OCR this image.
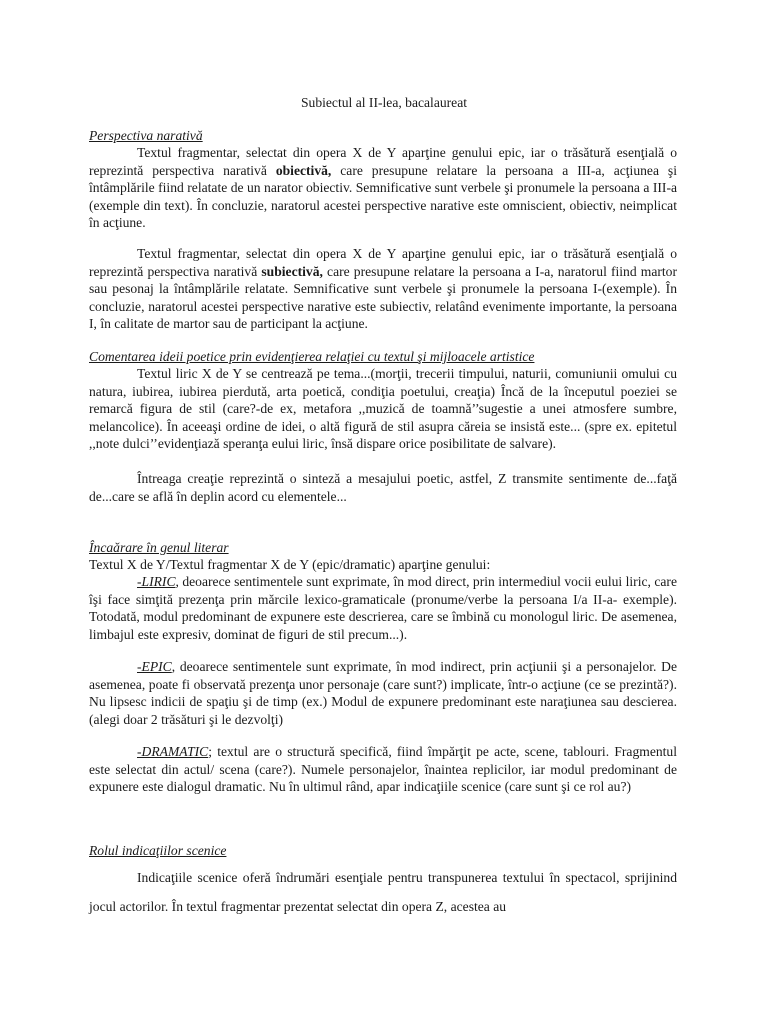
Subiectul al II-lea, bacalaureat
Perspectiva narativă

Textul fragmentar, selectat din opera X de Y aparţine genului epic, iar o trăsătură esenţială o reprezintă perspectiva narativă obiectivă, care presupune relatare la persoana a III-a, acţiunea şi întâmplările fiind relatate de un narator obiectiv. Semnificative sunt verbele şi pronumele la persoana a III-a (exemple din text). În concluzie, naratorul acestei perspective narative este omniscient, obiectiv, neimplicat în acţiune.

Textul fragmentar, selectat din opera X de Y aparţine genului epic, iar o trăsătură esenţială o reprezintă perspectiva narativă subiectivă, care presupune relatare la persoana a I-a, naratorul fiind martor sau pesonaj la întâmplările relatate. Semnificative sunt verbele şi pronumele la persoana I-(exemple). În concluzie, naratorul acestei perspective narative este subiectiv, relatând evenimente importante, la persoana I, în calitate de martor sau de participant la acţiune.

Comentarea ideii poetice prin evidenţierea relaţiei cu textul şi mijloacele artistice

Textul liric X de Y se centrează pe tema...(morţii, trecerii timpului, naturii, comuniunii omului cu natura, iubirea, iubirea pierdută, arta poetică, condiţia poetului, creaţia) Încă de la începutul poeziei se remarcă figura de stil (care?-de ex, metafora ,,muzică de toamnă’’sugestie a unei atmosfere sumbre, melancolice). În aceeaşi ordine de idei, o altă figură de stil asupra căreia se insistă este... (spre ex. epitetul ,,note dulci’’evidenţiază speranţa eului liric, însă dispare orice posibilitate de salvare).

Întreaga creaţie reprezintă o sinteză a mesajului poetic, astfel, Z transmite sentimente de...faţă de...care se află în deplin acord cu elementele...

Încaărare în genul literar

Textul X de Y/Textul fragmentar X de Y (epic/dramatic) aparţine genului:

-LIRIC, deoarece sentimentele sunt exprimate, în mod direct, prin intermediul vocii eului liric, care îşi face simţită prezenţa prin mărcile lexico-gramaticale (pronume/verbe la persoana I/a II-a- exemple). Totodată, modul predominant de expunere este descrierea, care se îmbină cu monologul liric. De asemenea, limbajul este expresiv, dominat de figuri de stil precum...).

-EPIC, deoarece sentimentele sunt exprimate, în mod indirect, prin acţiunii şi a personajelor. De asemenea, poate fi observată prezenţa unor personaje (care sunt?) implicate, într-o acţiune (ce se prezintă?). Nu lipsesc indicii de spaţiu şi de timp (ex.) Modul de expunere predominant este naraţiunea sau descierea. (alegi doar 2 trăsături şi le dezvolţi)

-DRAMATIC; textul are o structură specifică, fiind împărţit pe acte, scene, tablouri. Fragmentul este selectat din actul/ scena (care?). Numele personajelor, înaintea replicilor, iar modul predominant de expunere este dialogul dramatic. Nu în ultimul rând, apar indicaţiile scenice (care sunt şi ce rol au?)

Rolul indicaţiilor scenice

Indicaţiile scenice oferă îndrumări esenţiale pentru transpunerea textului în spectacol, sprijinind jocul actorilor. În textul fragmentar prezentat selectat din opera Z, acestea au
